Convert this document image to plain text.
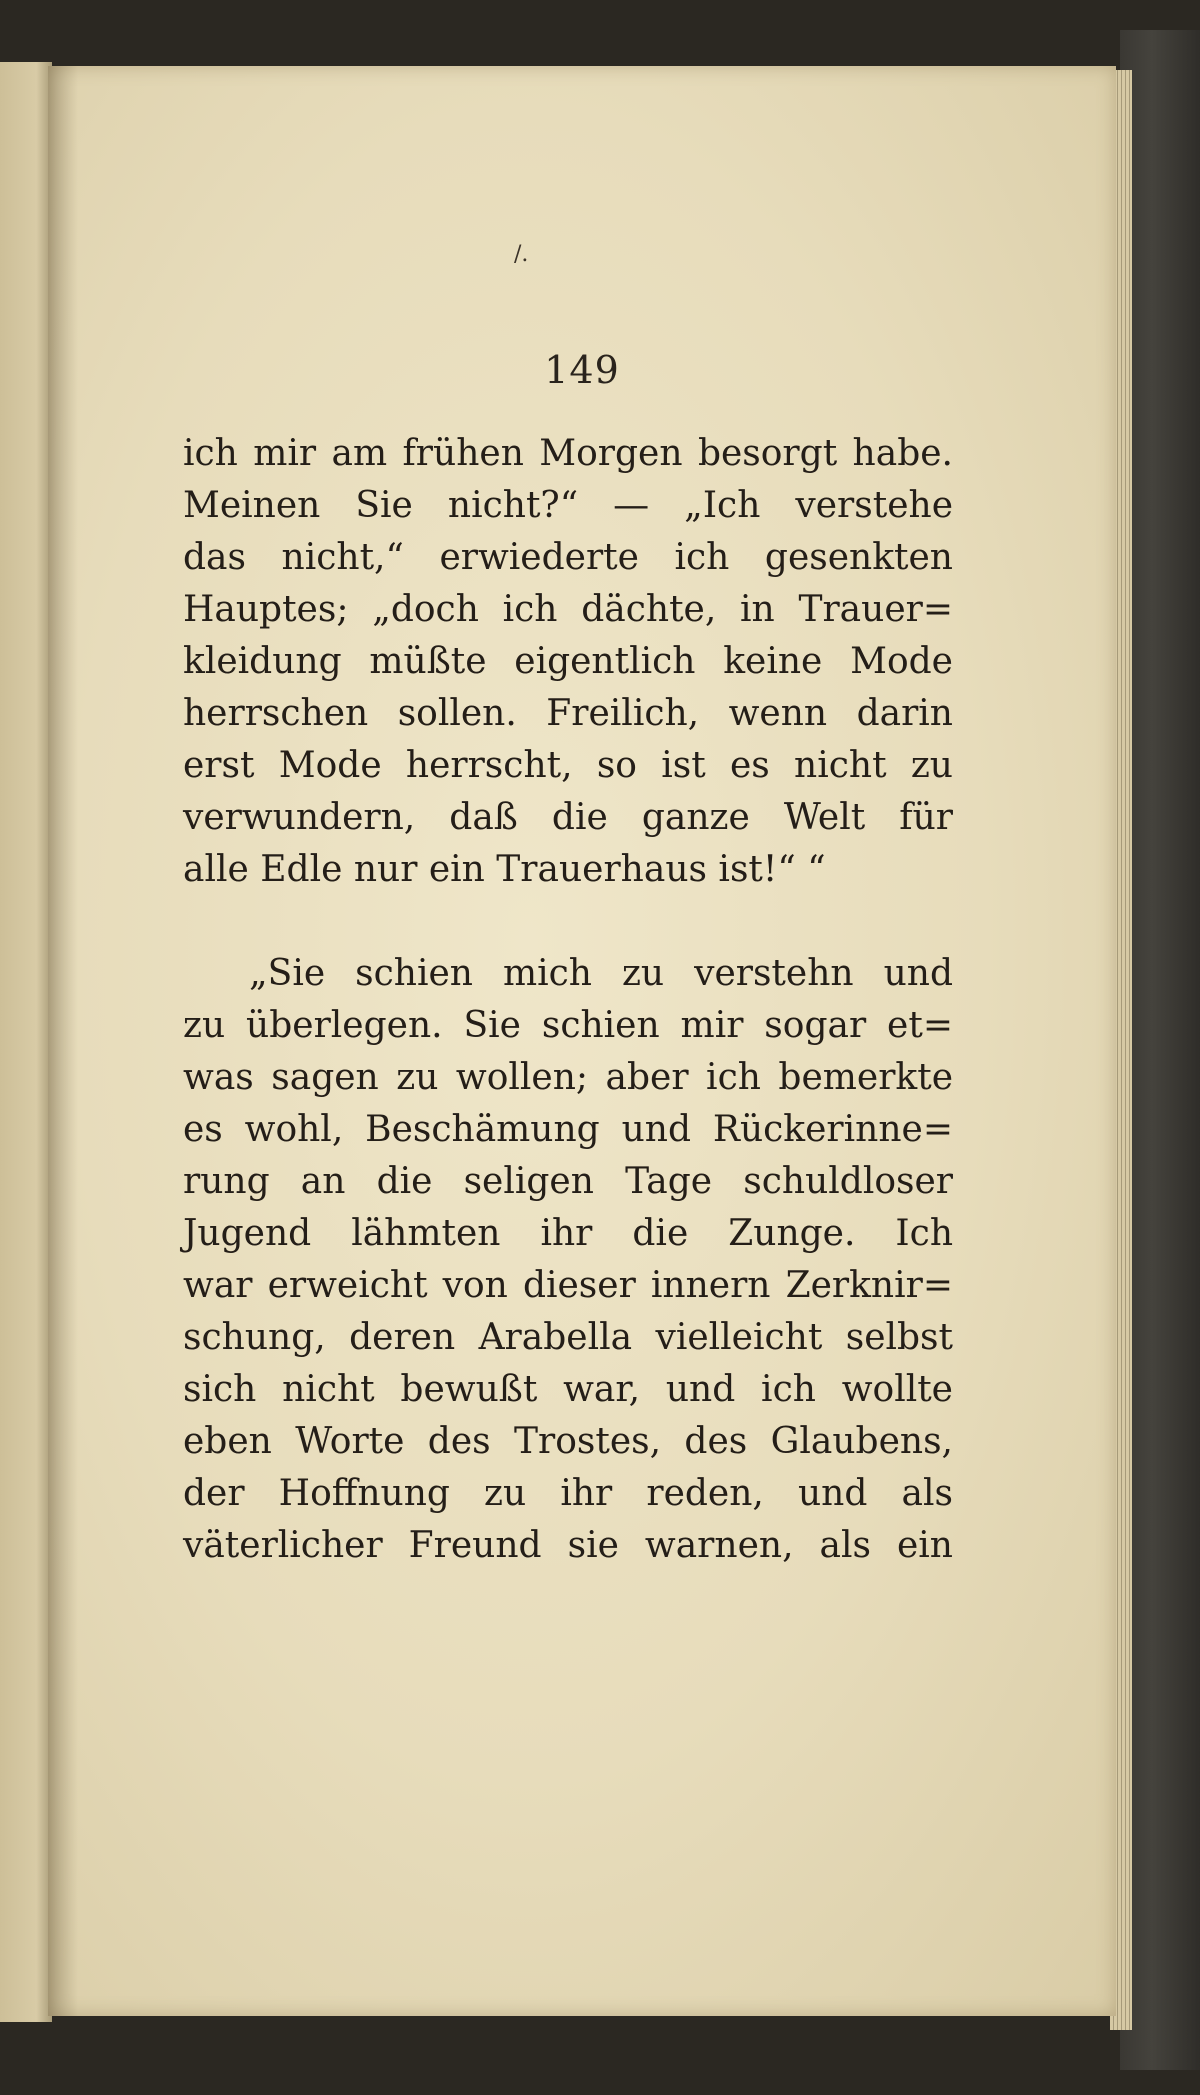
/.
149
ich mir am frühen Morgen besorgt habe.
Meinen Sie nicht?“ — „Ich verstehe
das nicht,“ erwiederte ich gesenkten
Hauptes; „doch ich dächte, in Trauer=
kleidung müßte eigentlich keine Mode
herrschen sollen. Freilich, wenn darin
erst Mode herrscht, so ist es nicht zu
verwundern, daß die ganze Welt für
alle Edle nur ein Trauerhaus ist!“ “
„Sie schien mich zu verstehn und
zu überlegen. Sie schien mir sogar et=
was sagen zu wollen; aber ich bemerkte
es wohl, Beschämung und Rückerinne=
rung an die seligen Tage schuldloser
Jugend lähmten ihr die Zunge. Ich
war erweicht von dieser innern Zerknir=
schung, deren Arabella vielleicht selbst
sich nicht bewußt war, und ich wollte
eben Worte des Trostes, des Glaubens,
der Hoffnung zu ihr reden, und als
väterlicher Freund sie warnen, als ein
